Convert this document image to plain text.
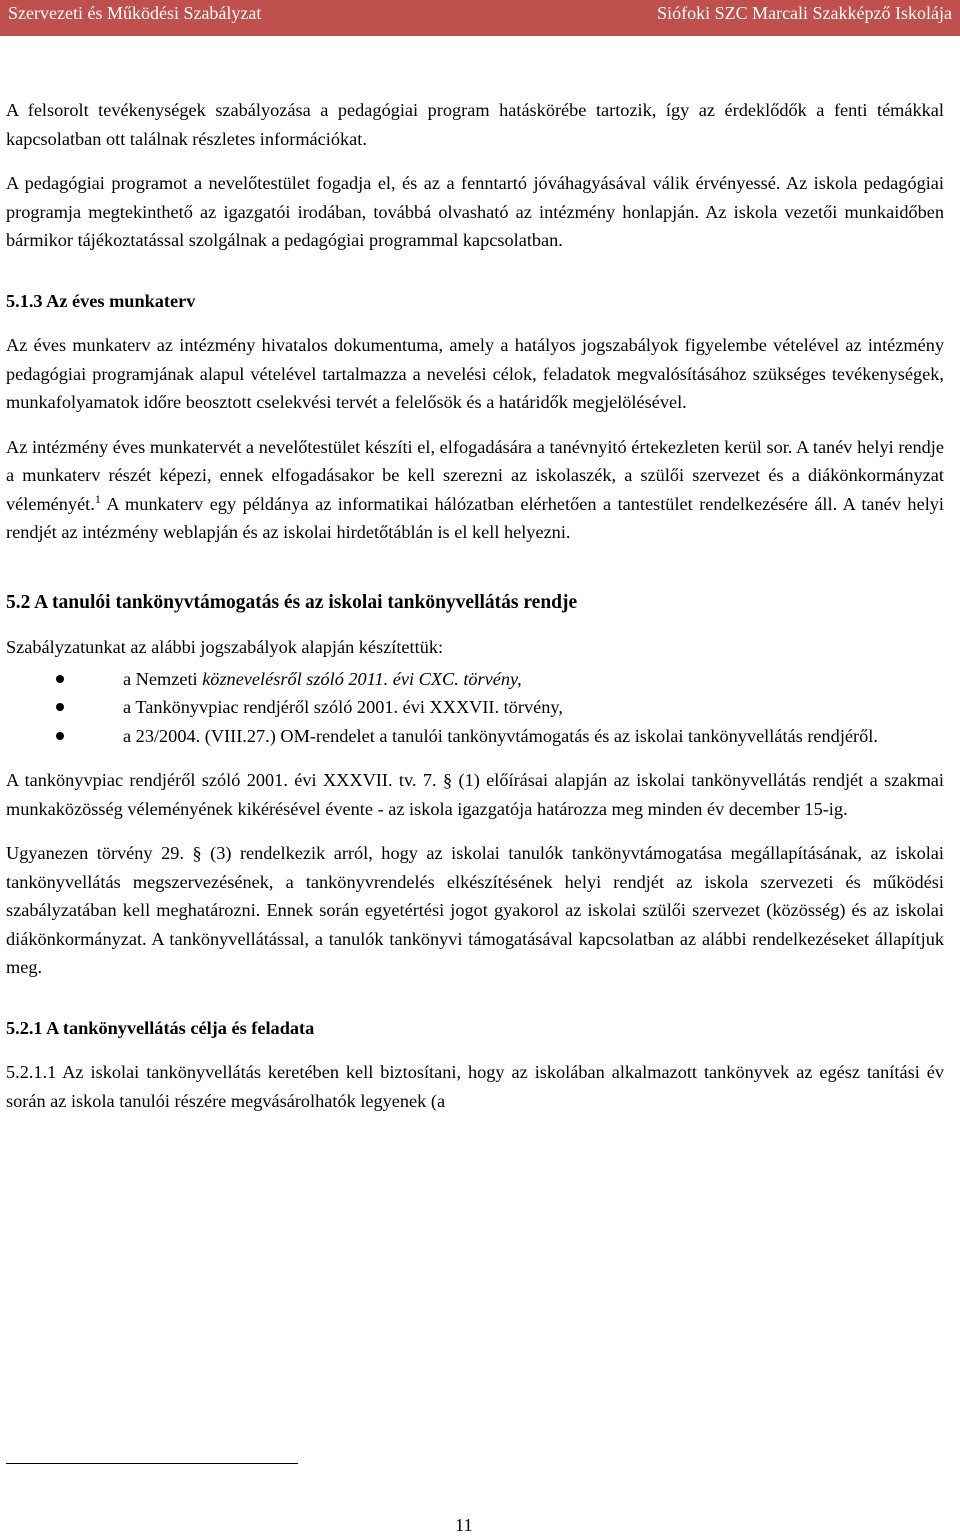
Szervezeti és Működési Szabályzat	Siófoki SZC Marcali Szakképző Iskolája

A felsorolt tevékenységek szabályozása a pedagógiai program hatáskörébe tartozik, így az érdeklődők a fenti témákkal kapcsolatban ott találnak részletes információkat.

A pedagógiai programot a nevelőtestület fogadja el, és az a fenntartó jóváhagyásával válik érvényessé. Az iskola pedagógiai programja megtekinthető az igazgatói irodában, továbbá olvasható az intézmény honlapján. Az iskola vezetői munkaidőben bármikor tájékoztatással szolgálnak a pedagógiai programmal kapcsolatban.

5.1.3 Az éves munkaterv

Az éves munkaterv az intézmény hivatalos dokumentuma, amely a hatályos jogszabályok figyelembe vételével az intézmény pedagógiai programjának alapul vételével tartalmazza a nevelési célok, feladatok megvalósításához szükséges tevékenységek, munkafolyamatok időre beosztott cselekvési tervét a felelősök és a határidők megjelölésével.

Az intézmény éves munkatervét a nevelőtestület készíti el, elfogadására a tanévnyitó értekezleten kerül sor. A tanév helyi rendje a munkaterv részét képezi, ennek elfogadásakor be kell szerezni az iskolaszék, a szülői szervezet és a diákönkormányzat véleményét.$^1$ A munkaterv egy példánya az informatikai hálózatban elérhetően a tantestület rendelkezésére áll. A tanév helyi rendjét az intézmény weblapján és az iskolai hirdetőtáblán is el kell helyezni.

5.2 A tanulói tankönyvtámogatás és az iskolai tankönyvellátás rendje

Szabályzatunkat az alábbi jogszabályok alapján készítettük:

a Nemzeti köznevelésről szóló 2011. évi CXC. törvény,
a Tankönyvpiac rendjéről szóló 2001. évi XXXVII. törvény,
a 23/2004. (VIII.27.) OM-rendelet a tanulói tankönyvtámogatás és az iskolai tankönyvellátás rendjéről.

A tankönyvpiac rendjéről szóló 2001. évi XXXVII. tv. 7. § (1) előírásai alapján az iskolai tankönyvellátás rendjét a szakmai munkaközösség véleményének kikérésével évente - az iskola igazgatója határozza meg minden év december 15-ig.

Ugyanezen törvény 29. § (3) rendelkezik arról, hogy az iskolai tanulók tankönyvtámogatása megállapításának, az iskolai tankönyvellátás megszervezésének, a tankönyvrendelés elkészítésének helyi rendjét az iskola szervezeti és működési szabályzatában kell meghatározni. Ennek során egyetértési jogot gyakorol az iskolai szülői szervezet (közösség) és az iskolai diákönkormányzat. A tankönyvellátással, a tanulók tankönyvi támogatásával kapcsolatban az alábbi rendelkezéseket állapítjuk meg.

5.2.1 A tankönyvellátás célja és feladata

5.2.1.1 Az iskolai tankönyvellátás keretében kell biztosítani, hogy az iskolában alkalmazott tankönyvek az egész tanítási év során az iskola tanulói részére megvásárolhatók legyenek (a

11
